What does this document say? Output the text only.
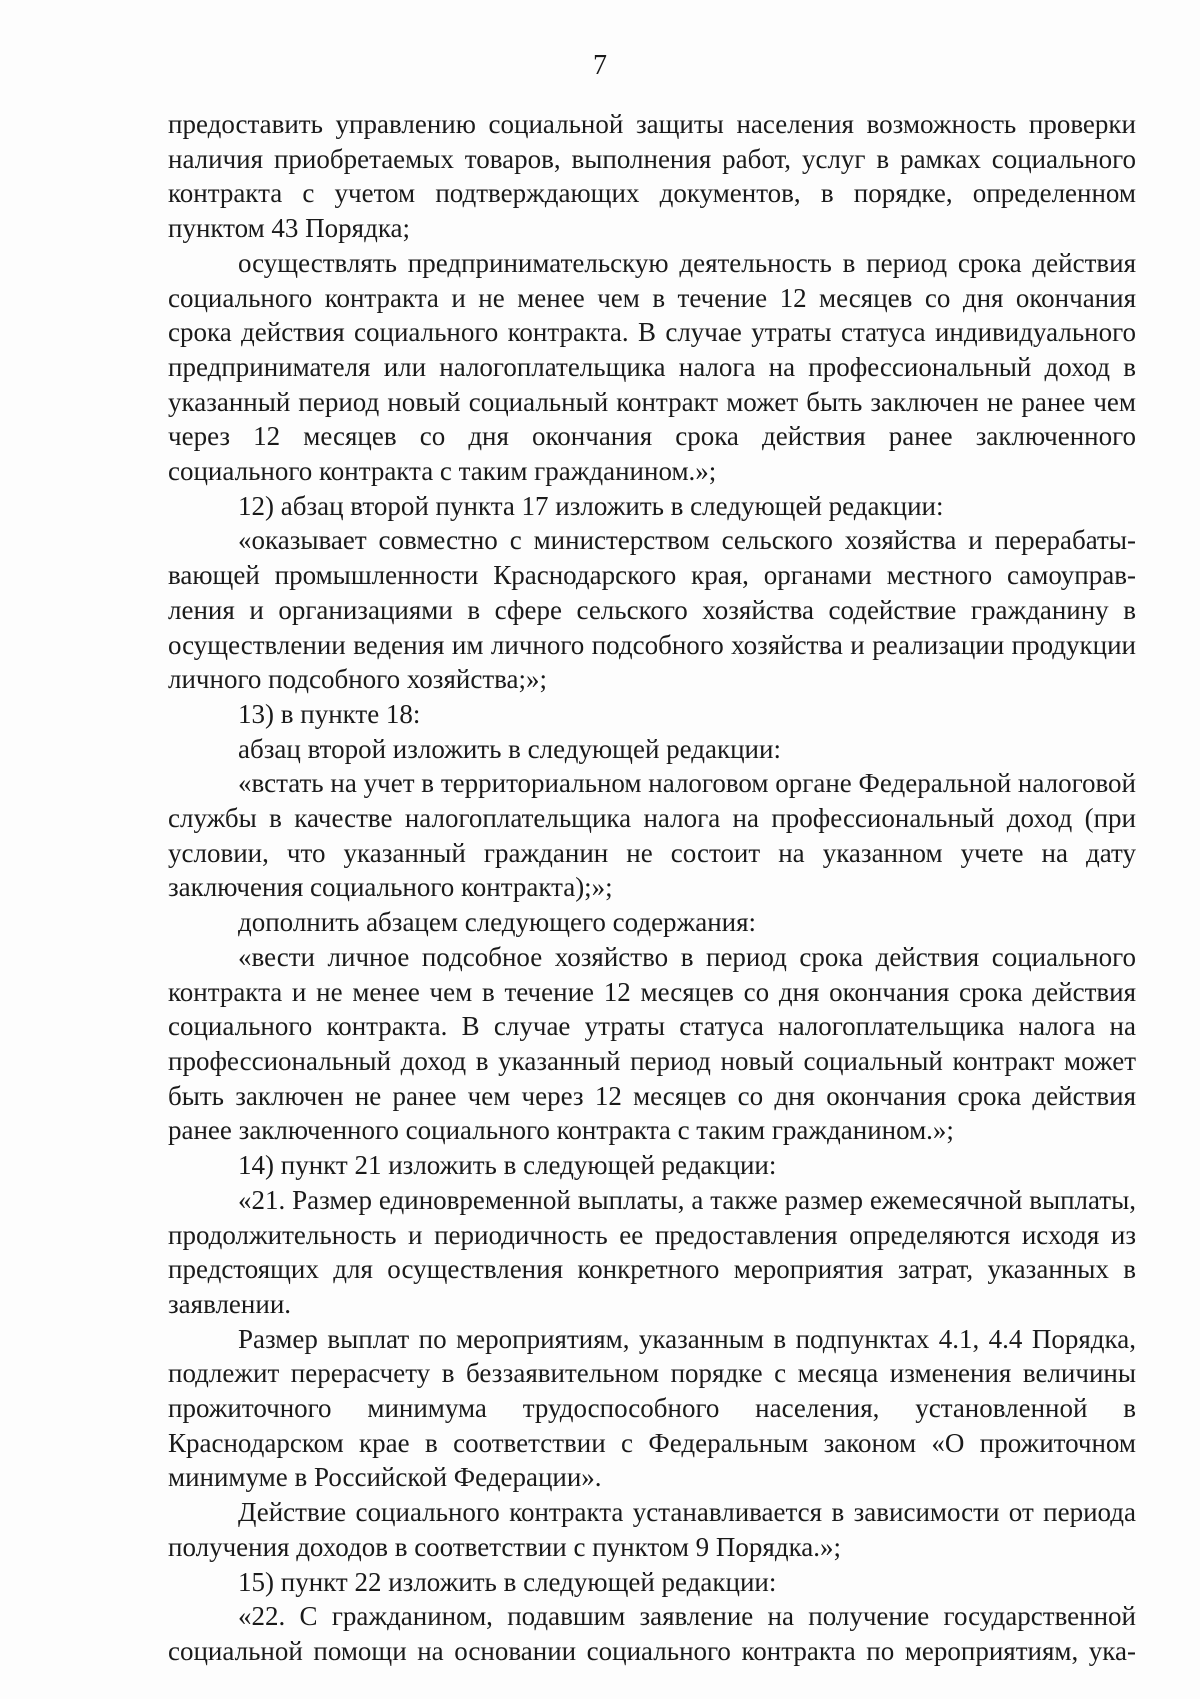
7

предоставить управлению социальной защиты населения возможность проверки наличия приобретаемых товаров, выполнения работ, услуг в рамках социального контракта с учетом подтверждающих документов, в порядке, определенном пунктом 43 Порядка;

осуществлять предпринимательскую деятельность в период срока действия социального контракта и не менее чем в течение 12 месяцев со дня окончания срока действия социального контракта. В случае утраты статуса индивидуального предпринимателя или налогоплательщика налога на профессиональный доход в указанный период новый социальный контракт может быть заключен не ранее чем через 12 месяцев со дня окончания срока действия ранее заключенного социального контракта с таким гражданином.»;

12) абзац второй пункта 17 изложить в следующей редакции:

«оказывает совместно с министерством сельского хозяйства и перерабатывающей промышленности Краснодарского края, органами местного самоуправления и организациями в сфере сельского хозяйства содействие гражданину в осуществлении ведения им личного подсобного хозяйства и реализации продукции личного подсобного хозяйства;»;

13) в пункте 18:

абзац второй изложить в следующей редакции:

«встать на учет в территориальном налоговом органе Федеральной налоговой службы в качестве налогоплательщика налога на профессиональный доход (при условии, что указанный гражданин не состоит на указанном учете на дату заключения социального контракта);»;

дополнить абзацем следующего содержания:

«вести личное подсобное хозяйство в период срока действия социального контракта и не менее чем в течение 12 месяцев со дня окончания срока действия социального контракта. В случае утраты статуса налогоплательщика налога на профессиональный доход в указанный период новый социальный контракт может быть заключен не ранее чем через 12 месяцев со дня окончания срока действия ранее заключенного социального контракта с таким гражданином.»;

14) пункт 21 изложить в следующей редакции:

«21. Размер единовременной выплаты, а также размер ежемесячной выплаты, продолжительность и периодичность ее предоставления определяются исходя из предстоящих для осуществления конкретного мероприятия затрат, указанных в заявлении.

Размер выплат по мероприятиям, указанным в подпунктах 4.1, 4.4 Порядка, подлежит перерасчету в беззаявительном порядке с месяца изменения величины прожиточного минимума трудоспособного населения, установленной в Краснодарском крае в соответствии с Федеральным законом «О прожиточном минимуме в Российской Федерации».

Действие социального контракта устанавливается в зависимости от периода получения доходов в соответствии с пунктом 9 Порядка.»;

15) пункт 22 изложить в следующей редакции:

«22. С гражданином, подавшим заявление на получение государственной социальной помощи на основании социального контракта по мероприятиям, ука-
